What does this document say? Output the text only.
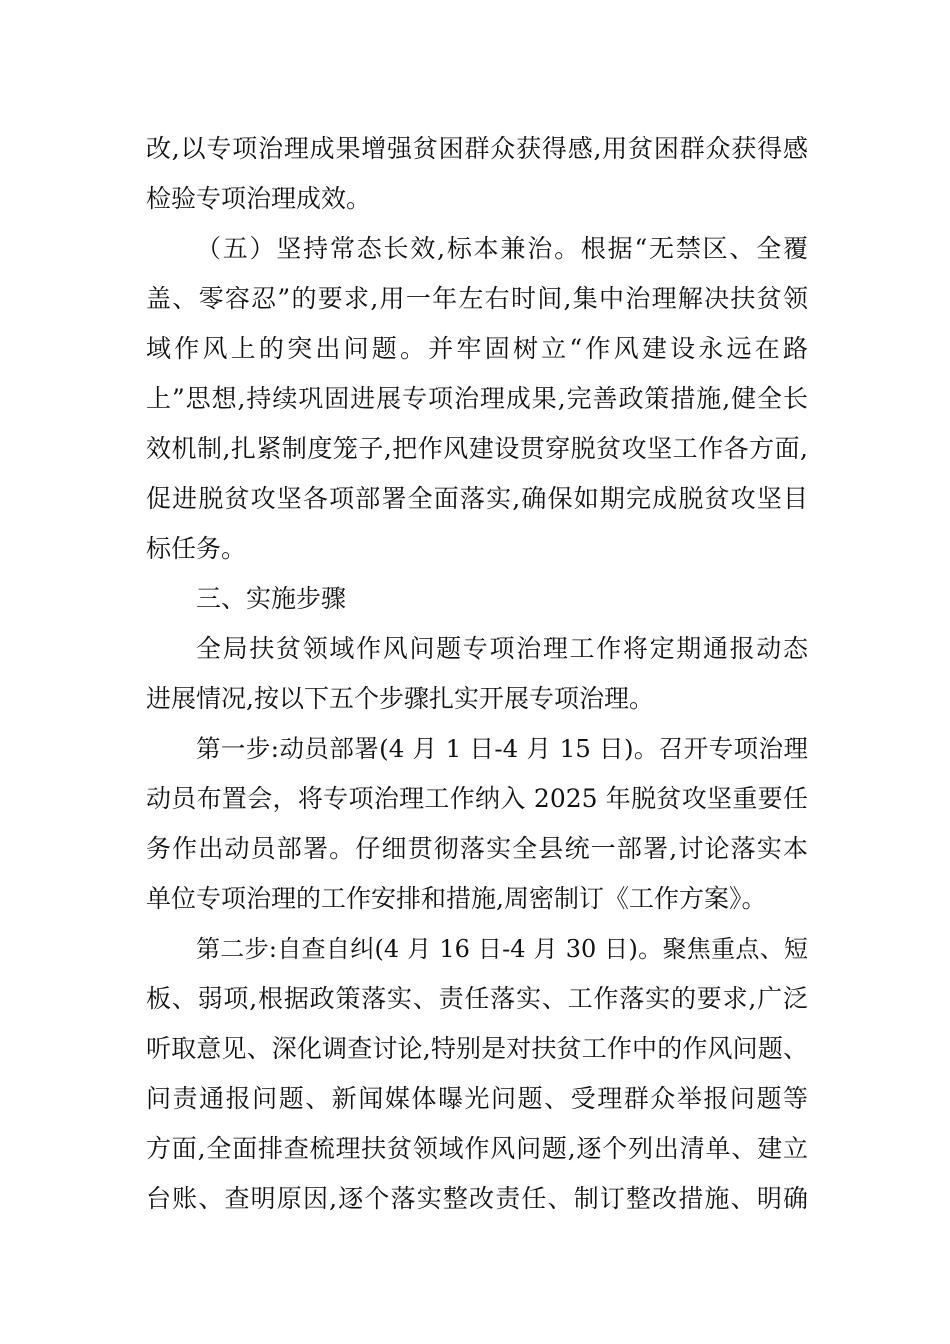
改,以专项治理成果增强贫困群众获得感,用贫困群众获得感
检验专项治理成效。
（五）坚持常态长效,标本兼治。根据“无禁区、全覆
盖、零容忍”的要求,用一年左右时间,集中治理解决扶贫领
域作风上的突出问题。并牢固树立“作风建设永远在路
上”思想,持续巩固进展专项治理成果,完善政策措施,健全长
效机制,扎紧制度笼子,把作风建设贯穿脱贫攻坚工作各方面,
促进脱贫攻坚各项部署全面落实,确保如期完成脱贫攻坚目
标任务。
三、实施步骤
全局扶贫领域作风问题专项治理工作将定期通报动态
进展情况,按以下五个步骤扎实开展专项治理。
第一步:动员部署(4 月 1 日-4 月 15 日)。召开专项治理
动员布置会，将专项治理工作纳入 2025 年脱贫攻坚重要任
务作出动员部署。仔细贯彻落实全县统一部署,讨论落实本
单位专项治理的工作安排和措施,周密制订《工作方案》。
第二步:自查自纠(4 月 16 日-4 月 30 日)。聚焦重点、短
板、弱项,根据政策落实、责任落实、工作落实的要求,广泛
听取意见、深化调查讨论,特别是对扶贫工作中的作风问题、
问责通报问题、新闻媒体曝光问题、受理群众举报问题等
方面,全面排查梳理扶贫领域作风问题,逐个列出清单、建立
台账、查明原因,逐个落实整改责任、制订整改措施、明确
